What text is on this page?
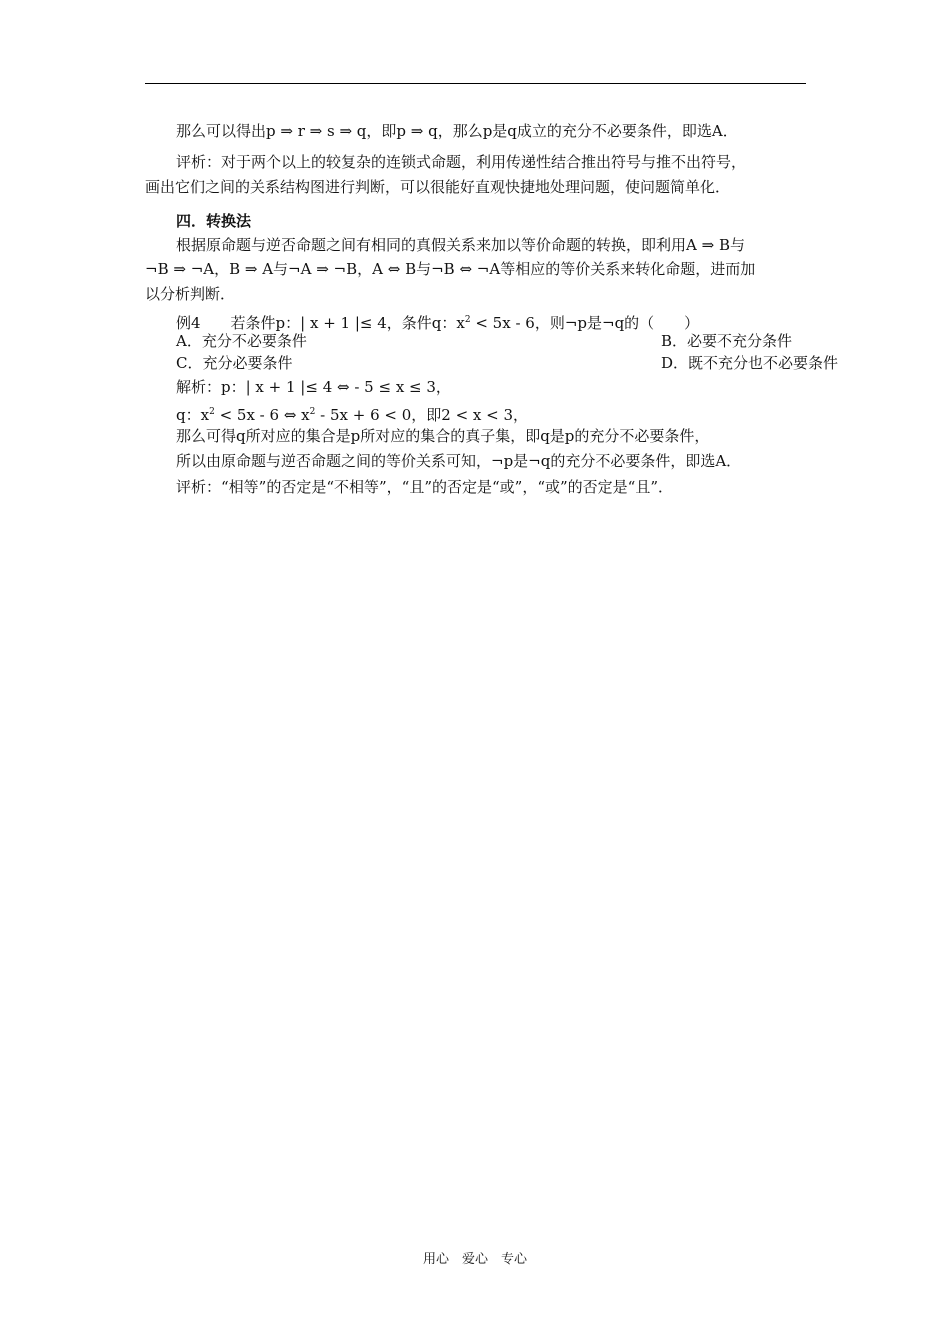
那么可以得出p ⇒ r ⇒ s ⇒ q，即p ⇒ q，那么p是q成立的充分不必要条件，即选A．
评析：对于两个以上的较复杂的连锁式命题，利用传递性结合推出符号与推不出符号，
画出它们之间的关系结构图进行判断，可以很能好直观快捷地处理问题，使问题简单化．
四．转换法
根据原命题与逆否命题之间有相同的真假关系来加以等价命题的转换，即利用A ⇒ B与
¬B ⇒ ¬A，B ⇒ A与¬A ⇒ ¬B，A ⇔ B与¬B ⇔ ¬A等相应的等价关系来转化命题，进而加
以分析判断．
例4　　若条件p：| x + 1 |≤ 4，条件q：$x^2 < 5x - 6$，则¬p是¬q的（　　）
A．充分不必要条件	B．必要不充分条件
C．充分必要条件	D．既不充分也不必要条件
解析：p：| x + 1 |≤ 4 ⇔ - 5 ≤ x ≤ 3，
q：$x^2 < 5x - 6$ ⇔ $x^2 - 5x + 6 < 0$，即2 < x < 3，
那么可得q所对应的集合是p所对应的集合的真子集，即q是p的充分不必要条件，
所以由原命题与逆否命题之间的等价关系可知，¬p是¬q的充分不必要条件，即选A．
评析：“相等”的否定是“不相等”，“且”的否定是“或”，“或”的否定是“且”．
用心　爱心　专心
